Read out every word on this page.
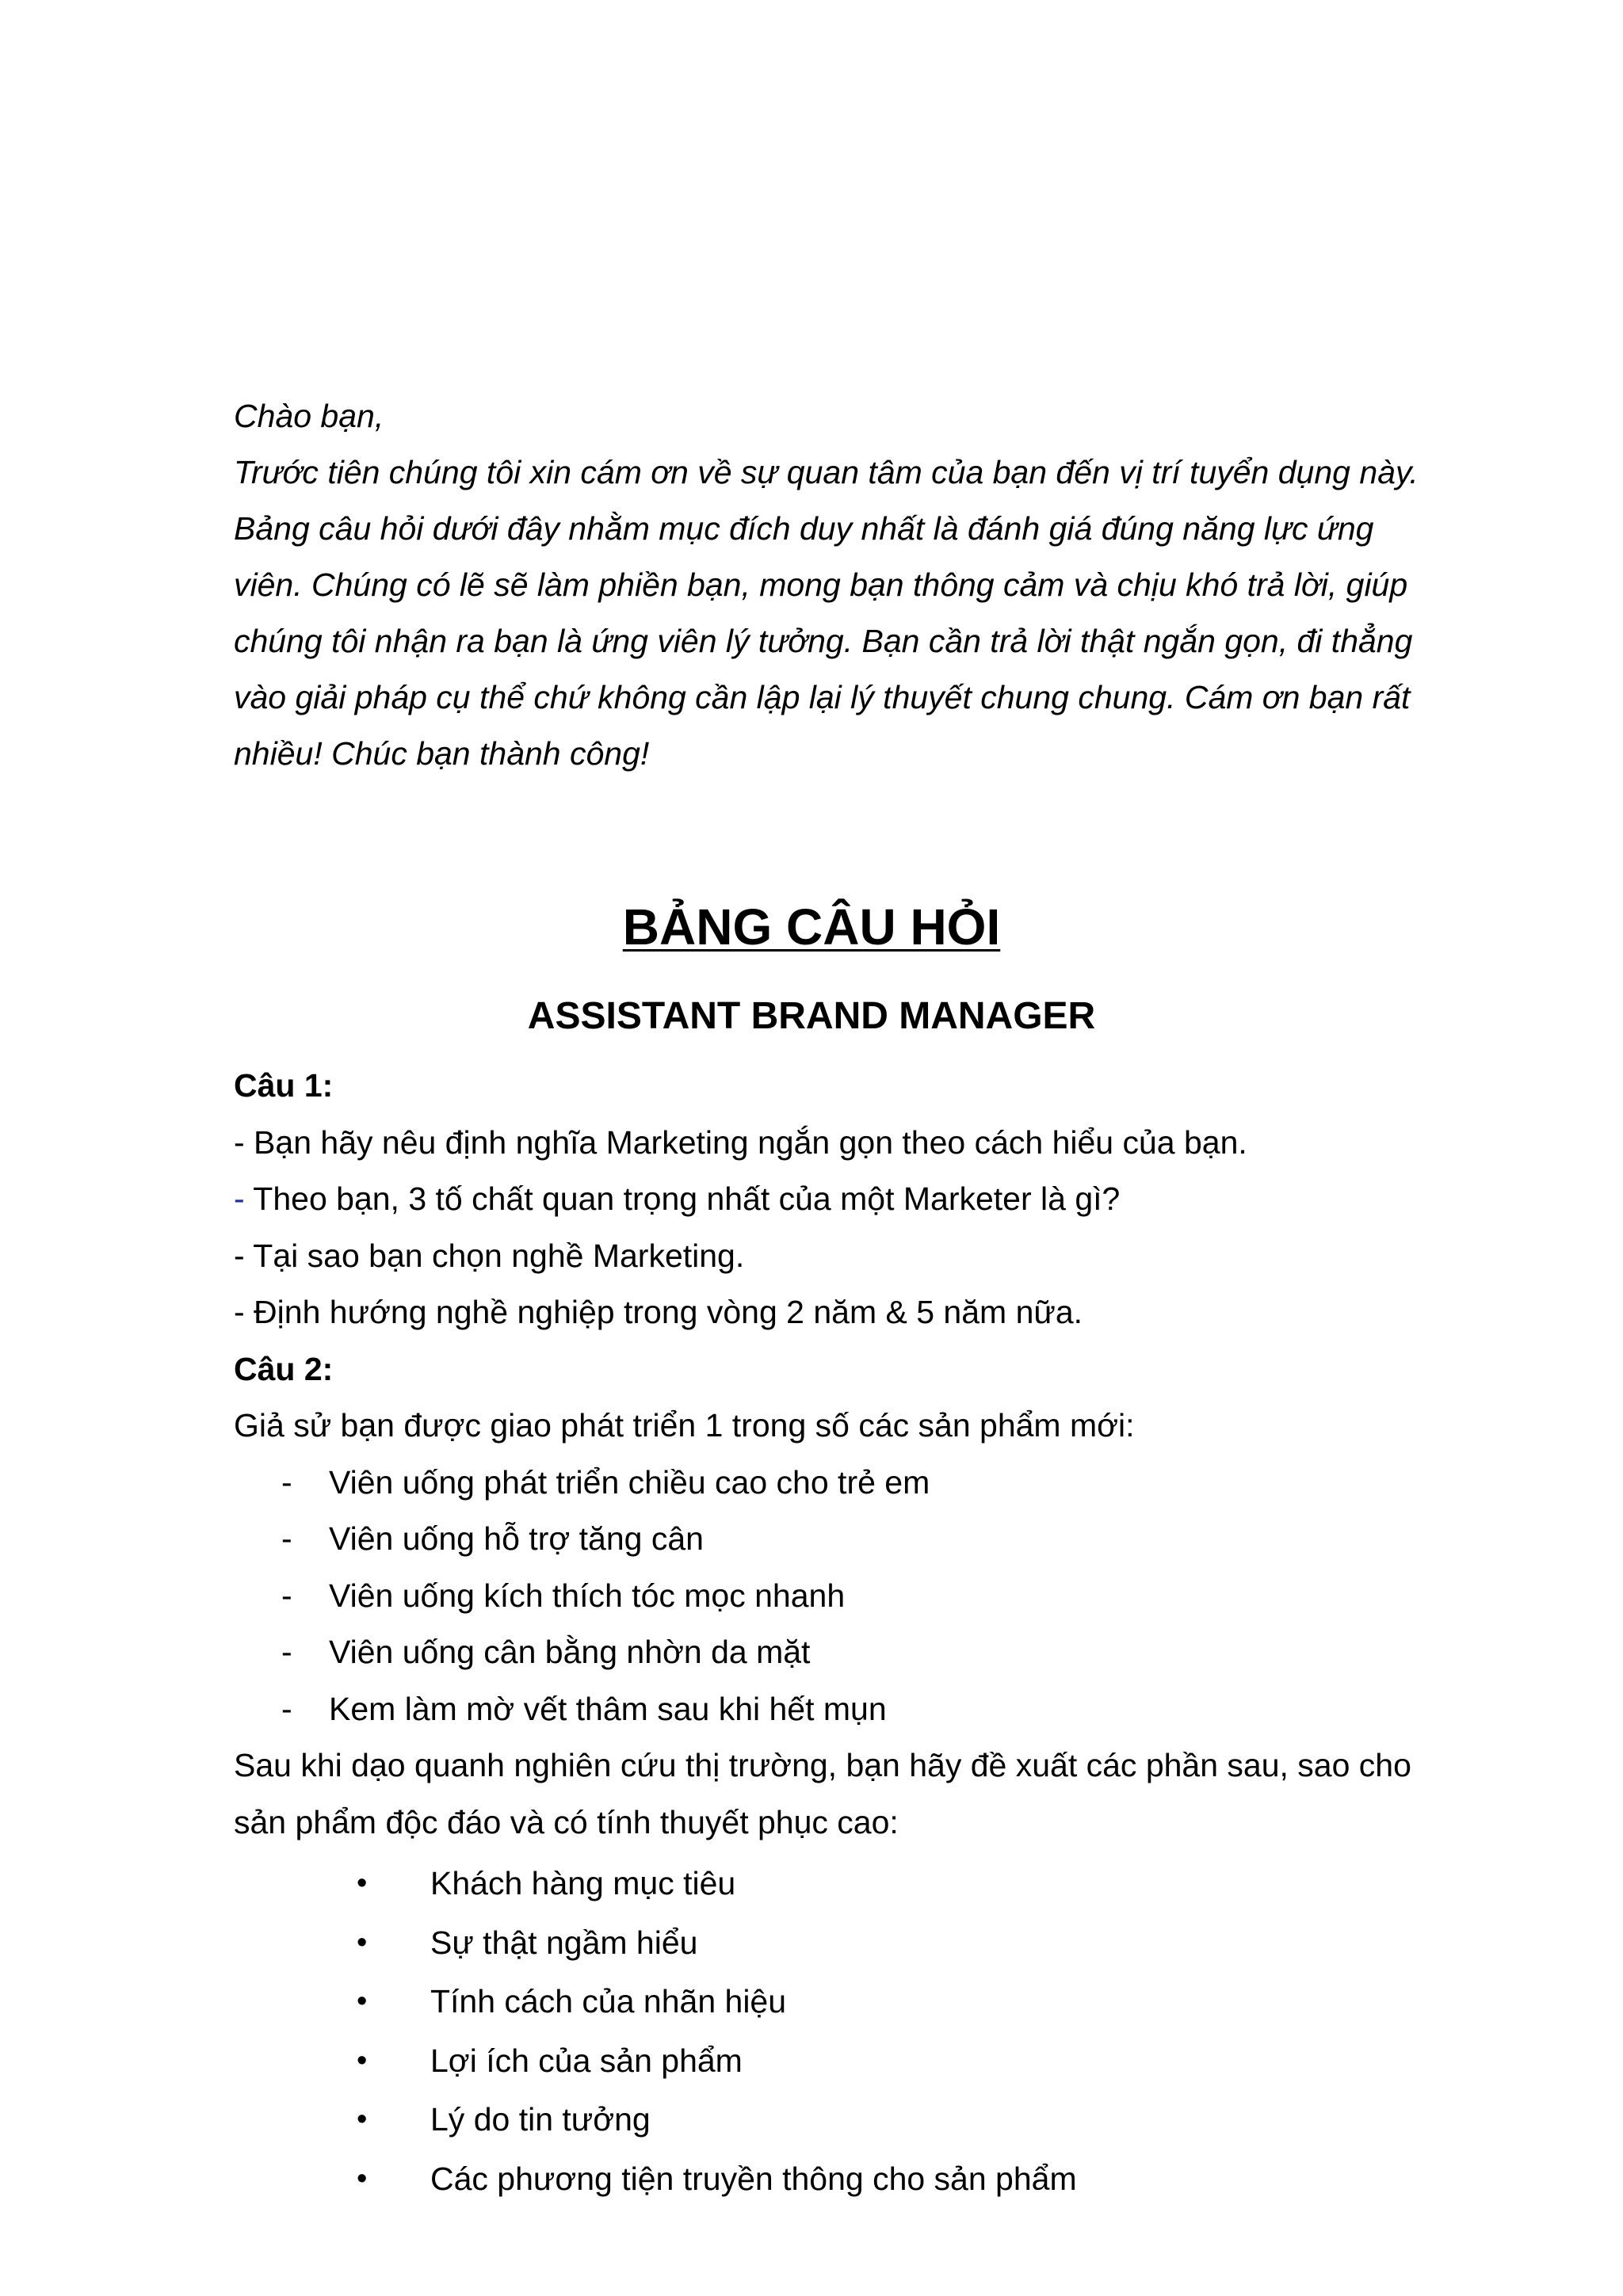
Chào bạn,

Trước tiên chúng tôi xin cám ơn về sự quan tâm của bạn đến vị trí tuyển dụng này.

Bảng câu hỏi dưới đây nhằm mục đích duy nhất là đánh giá đúng năng lực ứng

viên. Chúng có lẽ sẽ làm phiền bạn, mong bạn thông cảm và chịu khó trả lời, giúp

chúng tôi nhận ra bạn là ứng viên lý tưởng. Bạn cần trả lời thật ngắn gọn, đi thẳng

vào giải pháp cụ thể chứ không cần lập lại lý thuyết chung chung. Cám ơn bạn rất

nhiều! Chúc bạn thành công!

BẢNG CÂU HỎI
ASSISTANT BRAND MANAGER

Câu 1:

- Bạn hãy nêu định nghĩa Marketing ngắn gọn theo cách hiểu của bạn.

- Theo bạn, 3 tố chất quan trọng nhất của một Marketer là gì?

- Tại sao bạn chọn nghề Marketing.

- Định hướng nghề nghiệp trong vòng 2 năm & 5 năm nữa.

Câu 2:

Giả sử bạn được giao phát triển 1 trong số các sản phẩm mới:

- Viên uống phát triển chiều cao cho trẻ em

- Viên uống hỗ trợ tăng cân

- Viên uống kích thích tóc mọc nhanh

- Viên uống cân bằng nhờn da mặt

- Kem làm mờ vết thâm sau khi hết mụn

Sau khi dạo quanh nghiên cứu thị trường, bạn hãy đề xuất các phần sau, sao cho

sản phẩm độc đáo và có tính thuyết phục cao:

• Khách hàng mục tiêu

• Sự thật ngầm hiểu

• Tính cách của nhãn hiệu

• Lợi ích của sản phẩm

• Lý do tin tưởng

• Các phương tiện truyền thông cho sản phẩm
